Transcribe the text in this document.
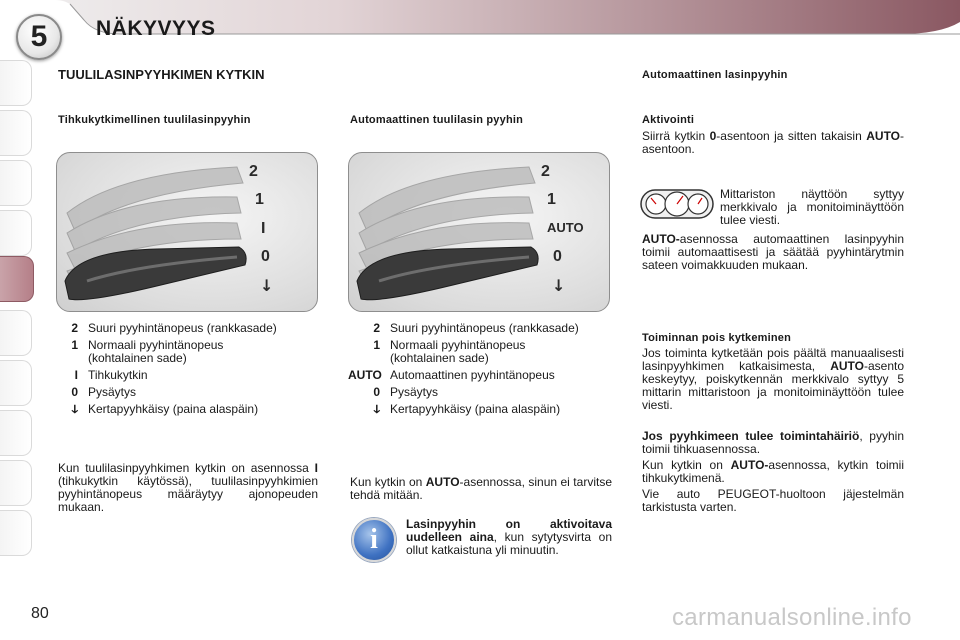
5 NÄKYVYYS
TUULILASINPYYHKIMEN KYTKIN
Tihkukytkimellinen tuulilasinpyyhin
2
1
I
0
↓
2 Suuri pyyhintänopeus (rankkasade)
1 Normaali pyyhintänopeus (kohtalainen sade)
I Tihkukytkin
0 Pysäytys
ↆ Kertapyyhkäisy (paina alaspäin)
Kun tuulilasinpyyhkimen kytkin on asennossa I (tihkukytkin käytössä), tuulilasinpyyhkimien pyyhintänopeus määräytyy ajonopeuden mukaan.
Automaattinen tuulilasin pyyhin
2
1
AUTO
0
↓
2 Suuri pyyhintänopeus (rankkasade)
1 Normaali pyyhintänopeus (kohtalainen sade)
AUTO Automaattinen pyyhintänopeus
0 Pysäytys
ↆ Kertapyyhkäisy (paina alaspäin)
Kun kytkin on AUTO-asennossa, sinun ei tarvitse tehdä mitään.
i	Lasinpyyhin on aktivoitava uudelleen aina, kun sytytysvirta on ollut katkaistuna yli minuutin.
Automaattinen lasinpyyhin
Aktivointi
Siirrä kytkin 0-asentoon ja sitten takaisin AUTO-asentoon.
Mittariston näyttöön syttyy merkkivalo ja monitoiminäyttöön tulee viesti.
AUTO-asennossa automaattinen lasinpyyhin toimii automaattisesti ja säätää pyyhintärytmin sateen voimakkuuden mukaan.
Toiminnan pois kytkeminen
Jos toiminta kytketään pois päältä manuaalisesti lasinpyyhkimen katkaisimesta, AUTO-asento keskeytyy, poiskytkennän merkkivalo syttyy 5 mittarin mittaristoon ja monitoiminäyttöön tulee viesti.
Jos pyyhkimeen tulee toimintahäiriö, pyyhin toimii tihkuasennossa.
Kun kytkin on AUTO-asennossa, kytkin toimii tihkukytkimenä.
Vie auto PEUGEOT-huoltoon jäjestelmän tarkistusta varten.
80	carmanualsonline.info
